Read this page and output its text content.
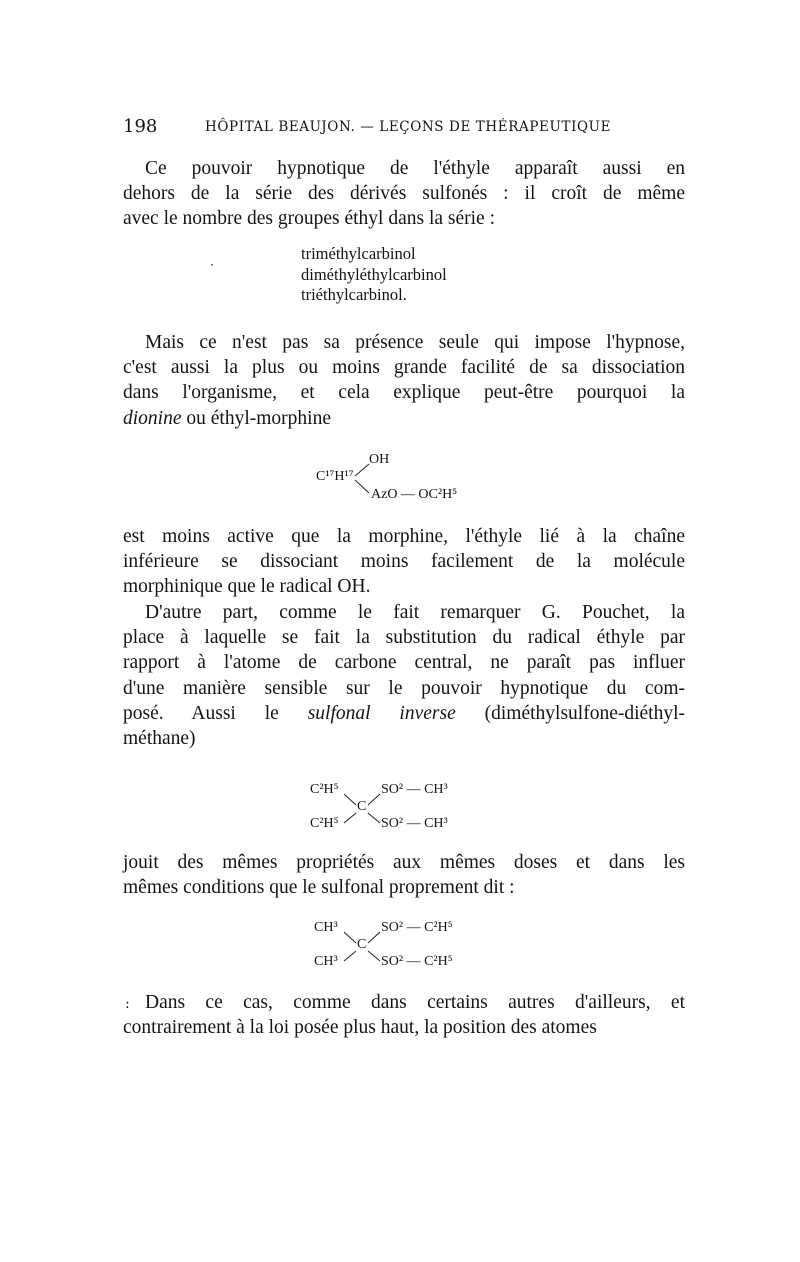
198	HÔPITAL BEAUJON. — LEÇONS DE THÉRAPEUTIQUE

Ce pouvoir hypnotique de l'éthyle apparaît aussi en
dehors de la série des dérivés sulfonés : il croît de même
avec le nombre des groupes éthyl dans la série :

·
triméthylcarbinol
diméthyléthylcarbinol
triéthylcarbinol.

Mais ce n'est pas sa présence seule qui impose l'hypnose,
c'est aussi la plus ou moins grande facilité de sa dissociation
dans l'organisme, et cela explique peut-être pourquoi la
dionine ou éthyl-morphine

OH
C¹⁷H¹⁷
AzO — OC²H⁵

est moins active que la morphine, l'éthyle lié à la chaîne
inférieure se dissociant moins facilement de la molécule
morphinique que le radical OH.

D'autre part, comme le fait remarquer G. Pouchet, la
place à laquelle se fait la substitution du radical éthyle par
rapport à l'atome de carbone central, ne paraît pas influer
d'une manière sensible sur le pouvoir hypnotique du com-
posé. Aussi le sulfonal inverse (diméthylsulfone-diéthyl-
méthane)

C²H⁵
C²H⁵
C
SO² — CH³
SO² — CH³

jouit des mêmes propriétés aux mêmes doses et dans les
mêmes conditions que le sulfonal proprement dit :

CH³
CH³
C
SO² — C²H⁵
SO² — C²H⁵
: Dans ce cas, comme dans certains autres d'ailleurs, et
contrairement à la loi posée plus haut, la position des atomes
